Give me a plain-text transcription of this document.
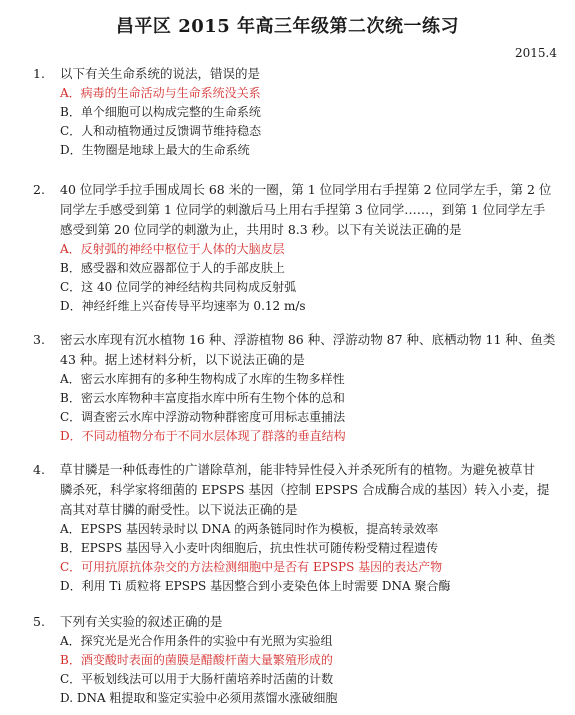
昌平区 2015 年高三年级第二次统一练习
2015.4
1. 以下有关生命系统的说法，错误的是
A．病毒的生命活动与生命系统没关系
B．单个细胞可以构成完整的生命系统
C．人和动植物通过反馈调节维持稳态
D．生物圈是地球上最大的生命系统
2. 40 位同学手拉手围成周长 68 米的一圈，第 1 位同学用右手捏第 2 位同学左手，第 2 位
同学左手感受到第 1 位同学的刺激后马上用右手捏第 3 位同学……，到第 1 位同学左手
感受到第 20 位同学的刺激为止，共用时 8.3 秒。以下有关说法正确的是
A．反射弧的神经中枢位于人体的大脑皮层
B．感受器和效应器都位于人的手部皮肤上
C．这 40 位同学的神经结构共同构成反射弧
D．神经纤维上兴奋传导平均速率为 0.12 m/s
3. 密云水库现有沉水植物 16 种、浮游植物 86 种、浮游动物 87 种、底栖动物 11 种、鱼类
43 种。据上述材料分析，以下说法正确的是
A．密云水库拥有的多种生物构成了水库的生物多样性
B．密云水库物种丰富度指水库中所有生物个体的总和
C．调查密云水库中浮游动物种群密度可用标志重捕法
D．不同动植物分布于不同水层体现了群落的垂直结构
4. 草甘膦是一种低毒性的广谱除草剂，能非特异性侵入并杀死所有的植物。为避免被草甘
膦杀死，科学家将细菌的 EPSPS 基因（控制 EPSPS 合成酶合成的基因）转入小麦，提
高其对草甘膦的耐受性。以下说法正确的是
A．EPSPS 基因转录时以 DNA 的两条链同时作为模板，提高转录效率
B．EPSPS 基因导入小麦叶肉细胞后，抗虫性状可随传粉受精过程遗传
C．可用抗原抗体杂交的方法检测细胞中是否有 EPSPS 基因的表达产物
D．利用 Ti 质粒将 EPSPS 基因整合到小麦染色体上时需要 DNA 聚合酶
5. 下列有关实验的叙述正确的是
A．探究光是光合作用条件的实验中有光照为实验组
B．酒变酸时表面的菌膜是醋酸杆菌大量繁殖形成的
C．平板划线法可以用于大肠杆菌培养时活菌的计数
D. DNA 粗提取和鉴定实验中必须用蒸馏水涨破细胞
